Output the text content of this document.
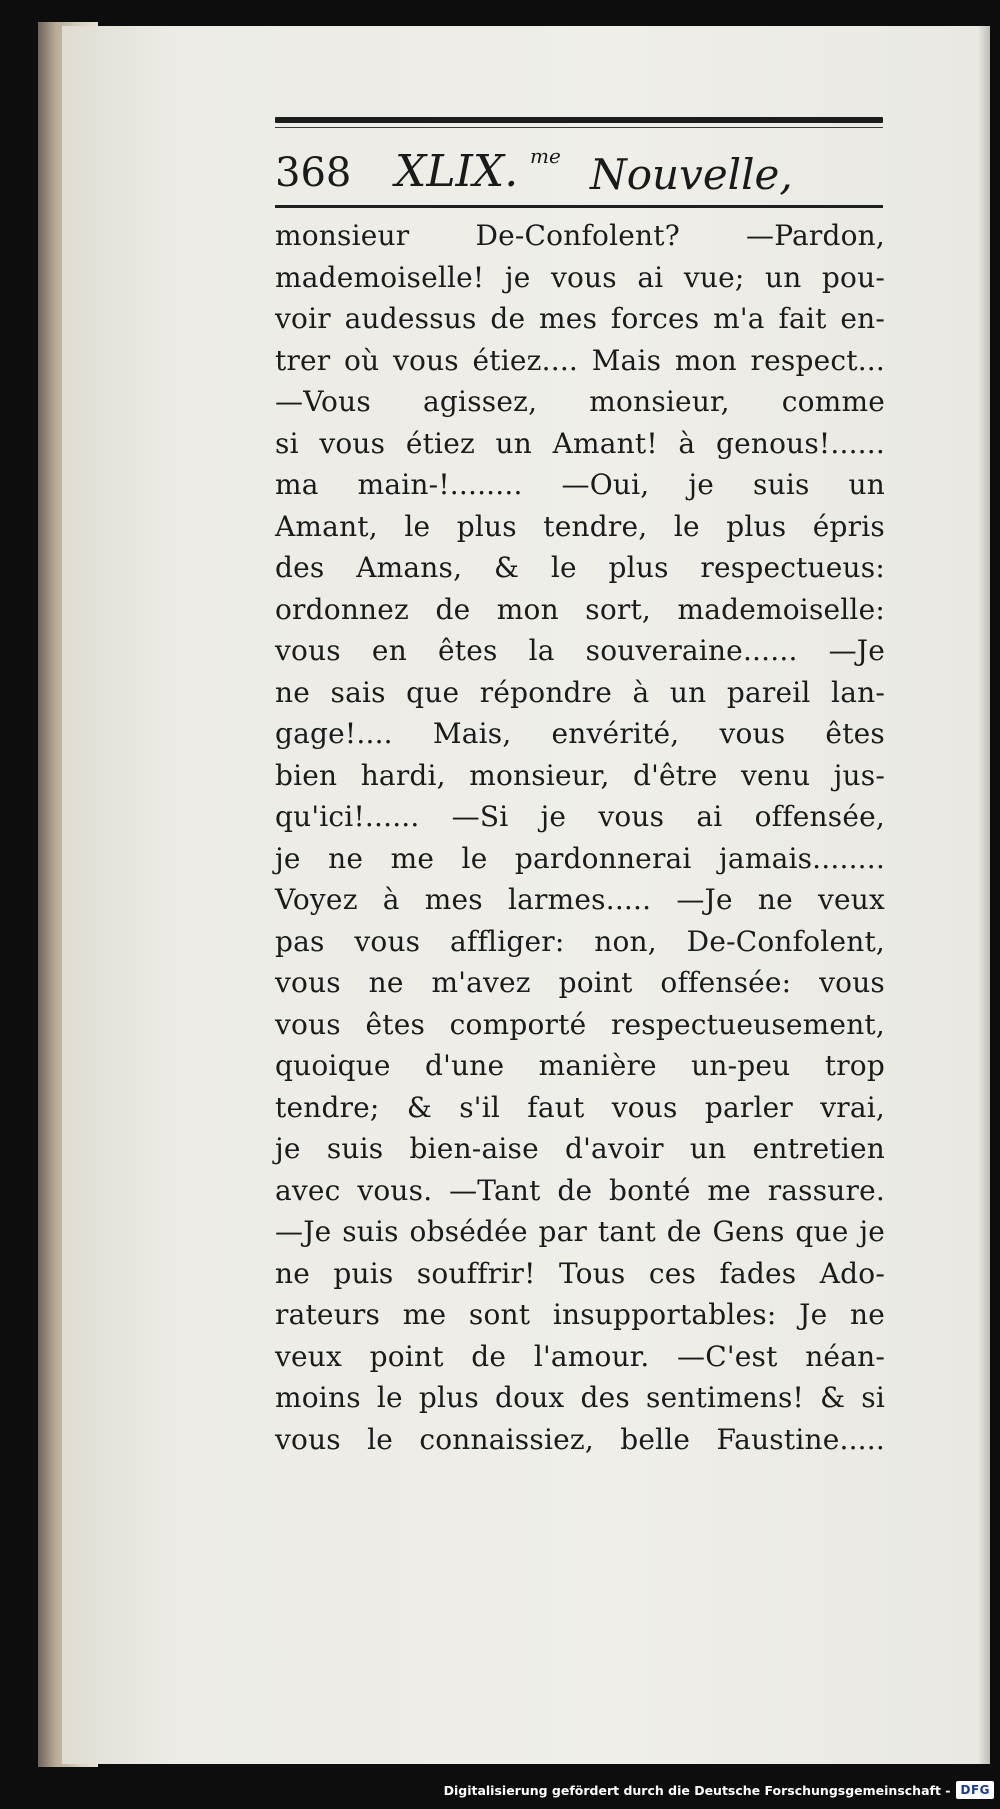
368 XLIX. me Nouvelle,
monsieur De-Confolent? —Pardon,
mademoiselle! je vous ai vue; un pou-
voir audessus de mes forces m'a fait en-
trer où vous étiez.... Mais mon respect...
—Vous agissez, monsieur, comme
si vous étiez un Amant! à genous!......
ma main-!........ —Oui, je suis un
Amant, le plus tendre, le plus épris
des Amans, & le plus respectueus:
ordonnez de mon sort, mademoiselle:
vous en êtes la souveraine...... —Je
ne sais que répondre à un pareil lan-
gage!.... Mais, envérité, vous êtes
bien hardi, monsieur, d'être venu jus-
qu'ici!...... —Si je vous ai offensée,
je ne me le pardonnerai jamais........
Voyez à mes larmes..... —Je ne veux
pas vous affliger: non, De-Confolent,
vous ne m'avez point offensée: vous
vous êtes comporté respectueusement,
quoique d'une manière un-peu trop
tendre; & s'il faut vous parler vrai,
je suis bien-aise d'avoir un entretien
avec vous. —Tant de bonté me rassure.
—Je suis obsédée par tant de Gens que je
ne puis souffrir! Tous ces fades Ado-
rateurs me sont insupportables: Je ne
veux point de l'amour. —C'est néan-
moins le plus doux des sentimens! & si
vous le connaissiez, belle Faustine.....
Digitalisierung gefördert durch die Deutsche Forschungsgemeinschaft - DFG
